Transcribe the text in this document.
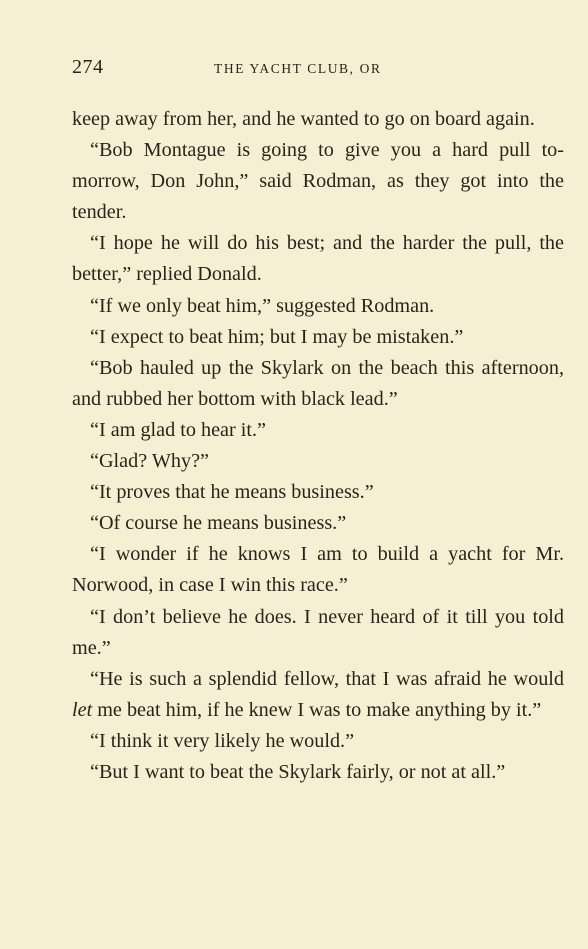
274	THE YACHT CLUB, OR

keep away from her, and he wanted to go on board again.

“Bob Montague is going to give you a hard pull to-morrow, Don John,” said Rodman, as they got into the tender.

“I hope he will do his best; and the harder the pull, the better,” replied Donald.

“If we only beat him,” suggested Rodman.

“I expect to beat him; but I may be mistaken.”

“Bob hauled up the Skylark on the beach this afternoon, and rubbed her bottom with black lead.”

“I am glad to hear it.”

“Glad? Why?”

“It proves that he means business.”

“Of course he means business.”

“I wonder if he knows I am to build a yacht for Mr. Norwood, in case I win this race.”

“I don’t believe he does. I never heard of it till you told me.”

“He is such a splendid fellow, that I was afraid he would let me beat him, if he knew I was to make anything by it.”

“I think it very likely he would.”

“But I want to beat the Skylark fairly, or not at all.”
